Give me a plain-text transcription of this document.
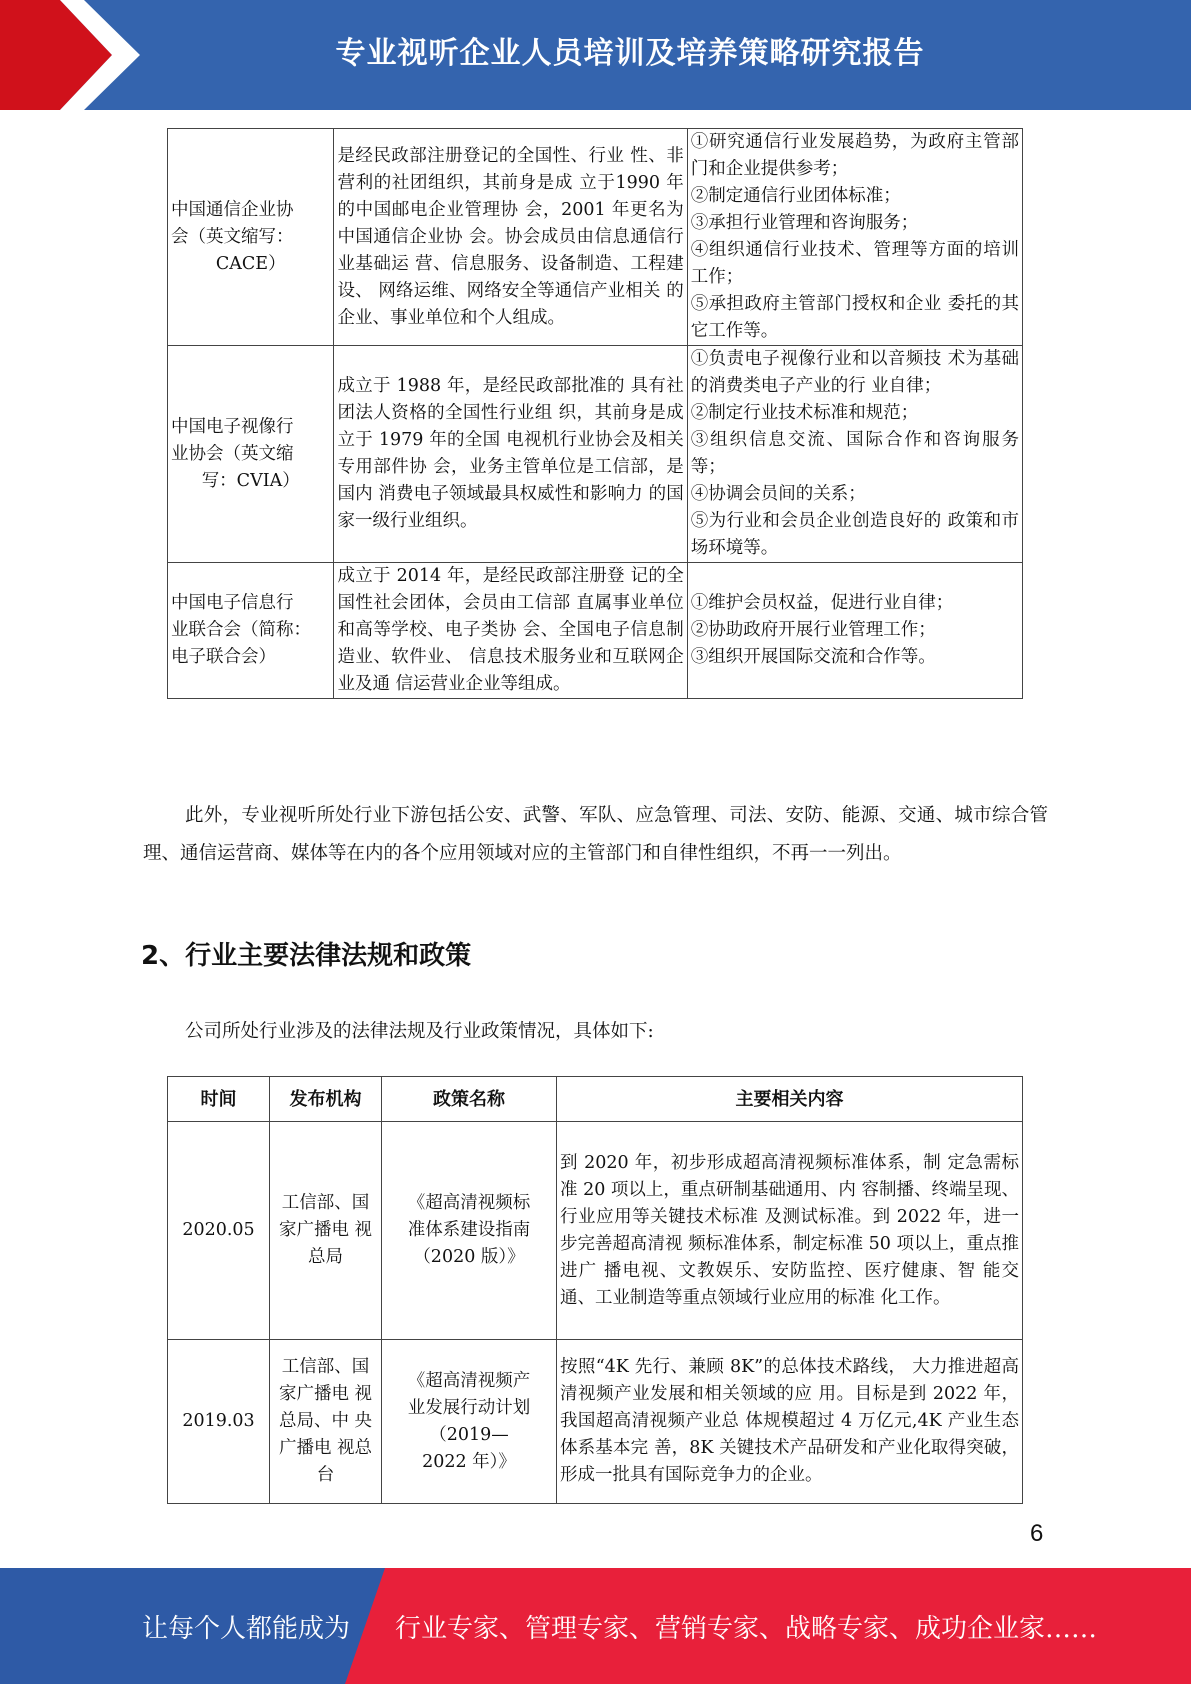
专业视听企业人员培训及培养策略研究报告
中国通信企业协
会（英文缩写：
CACE）	是经民政部注册登记的全国性、行业 性、非营利的社团组织，其前身是成 立于1990 年的中国邮电企业管理协 会，2001 年更名为中国通信企业协 会。协会成员由信息通信行业基础运 营、信息服务、设备制造、工程建设、 网络运维、网络安全等通信产业相关 的企业、事业单位和个人组成。	①研究通信行业发展趋势，为政府主管部门和企业提供参考；
②制定通信行业团体标准；
③承担行业管理和咨询服务；
④组织通信行业技术、管理等方面的培训工作；
⑤承担政府主管部门授权和企业 委托的其它工作等。

中国电子视像行
业协会（英文缩
写：CVIA）	成立于 1988 年，是经民政部批准的 具有社团法人资格的全国性行业组 织，其前身是成立于 1979 年的全国 电视机行业协会及相关专用部件协 会，业务主管单位是工信部，是国内 消费电子领域最具权威性和影响力 的国家一级行业组织。	①负责电子视像行业和以音频技 术为基础的消费类电子产业的行 业自律；
②制定行业技术标准和规范；
③组织信息交流、国际合作和咨询服务等；
④协调会员间的关系；
⑤为行业和会员企业创造良好的 政策和市场环境等。

中国电子信息行
业联合会（简称：
电子联合会）	成立于 2014 年，是经民政部注册登 记的全国性社会团体，会员由工信部 直属事业单位和高等学校、电子类协 会、全国电子信息制造业、软件业、 信息技术服务业和互联网企业及通 信运营业企业等组成。	①维护会员权益，促进行业自律；
②协助政府开展行业管理工作；
③组织开展国际交流和合作等。
此外，专业视听所处行业下游包括公安、武警、军队、应急管理、司法、安防、能源、交通、城市综合管理、通信运营商、媒体等在内的各个应用领域对应的主管部门和自律性组织，不再一一列出。
2、行业主要法律法规和政策
公司所处行业涉及的法律法规及行业政策情况，具体如下:
时间	发布机构	政策名称	主要相关内容
2020.05	工信部、国
家广播电 视
总局	《超高清视频标
准体系建设指南
（2020 版）》	到 2020 年，初步形成超高清视频标准体系，制 定急需标准 20 项以上，重点研制基础通用、内 容制播、终端呈现、行业应用等关键技术标准 及测试标准。到 2022 年，进一步完善超髙清视 频标准体系，制定标准 50 项以上，重点推进广 播电视、文教娱乐、安防监控、医疗健康、智 能交通、工业制造等重点领域行业应用的标准 化工作。
2019.03	工信部、国
家广播电 视
总局、中 央
广播电 视总
台	《超高清视频产
业发展行动计划
（2019—
2022 年）》	按照“4K 先行、兼顾 8K”的总体技术路线， 大力推进超高清视频产业发展和相关领域的应 用。目标是到 2022 年，我国超高清视频产业总 体规模超过 4 万亿元,4K 产业生态体系基本完 善，8K 关键技术产品研发和产业化取得突破， 形成一批具有国际竞争力的企业。
6
让每个人都能成为 行业专家、管理专家、营销专家、战略专家、成功企业家……
